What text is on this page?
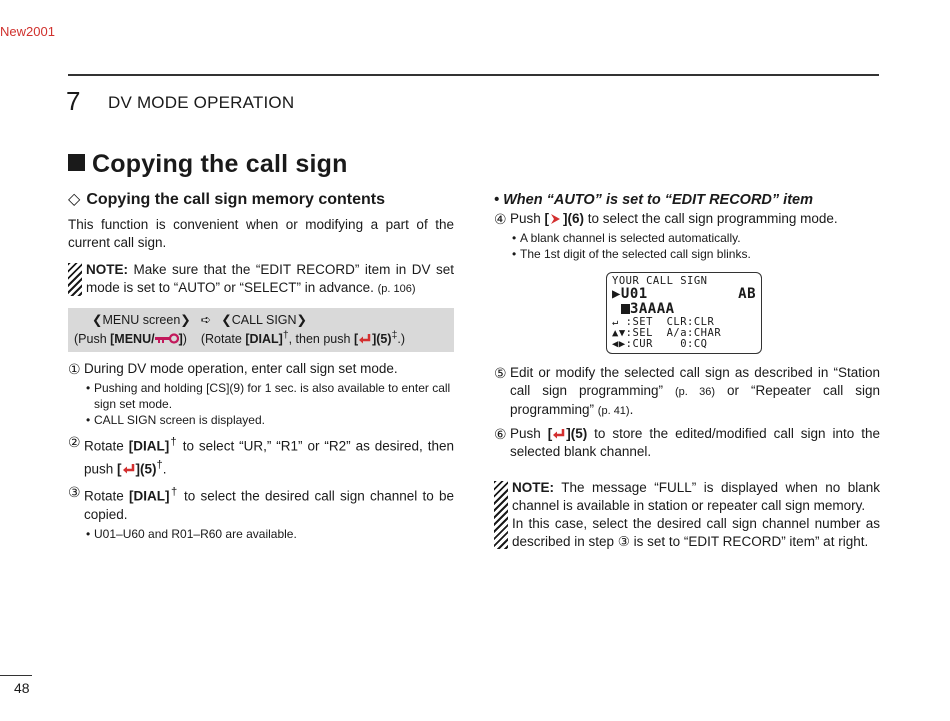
New2001
7 DV MODE OPERATION
Copying the call sign
◇ Copying the call sign memory contents
This function is convenient when or modifying a part of the current call sign.
NOTE: Make sure that the “EDIT RECORD” item in DV set mode is set to “AUTO” or “SELECT” in advance. (p. 106)
❮MENU screen❯ ➪ ❮CALL SIGN❯
(Push [MENU/ ]) (Rotate [DIAL]†, then push [ ](5)‡.)
① During DV mode operation, enter call sign set mode.
• Pushing and holding [CS](9) for 1 sec. is also available to enter call sign set mode.
• CALL SIGN screen is displayed.
② Rotate [DIAL]† to select “UR,” “R1” or “R2” as desired, then push [ ](5)†.
③ Rotate [DIAL]† to select the desired call sign channel to be copied.
• U01–U60 and R01–R60 are available.
• When “AUTO” is set to “EDIT RECORD” item
④ Push [ ](6) to select the call sign programming mode.
• A blank channel is selected automatically.
• The 1st digit of the selected call sign blinks.
YOUR CALL SIGN
▶U01	AB
3AAAA
↵ :SET  CLR:CLR
▲▼:SEL  A/a:CHAR
◀▶:CUR    0:CQ
⑤ Edit or modify the selected call sign as described in “Station call sign programming” (p. 36) or “Repeater call sign programming” (p. 41).
⑥ Push [ ](5) to store the edited/modified call sign into the selected blank channel.
NOTE: The message “FULL” is displayed when no blank channel is available in station or repeater call sign memory.
In this case, select the desired call sign channel number as described in step ③ is set to “EDIT RECORD” item” at right.
48
